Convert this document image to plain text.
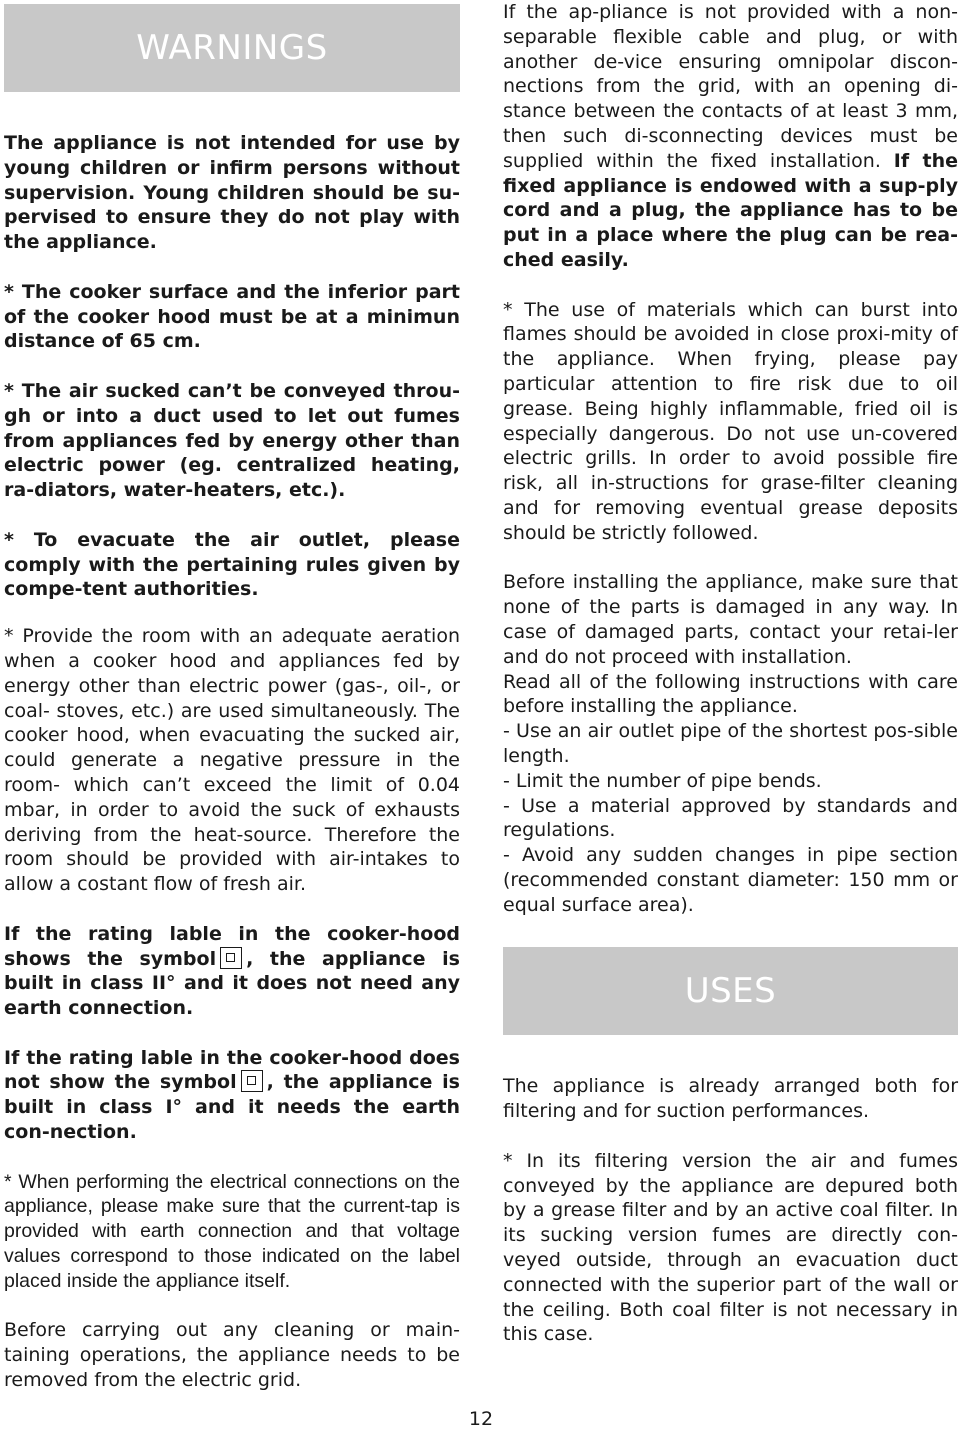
WARNINGS

The appliance is not intended for use by young children or infirm persons without supervision. Young children should be su-pervised to ensure they do not play with the appliance.

* The cooker surface and the inferior part of the cooker hood must be at a minimun distance of 65 cm.

* The air sucked can’t be conveyed throu-gh or into a duct used to let out fumes from appliances fed by energy other than electric power (eg. centralized heating, ra-diators, water-heaters, etc.).

* To evacuate the air outlet, please comply with the pertaining rules given by compe-tent authorities.

* Provide the room with an adequate aeration when a cooker hood and appliances fed by energy other than electric power (gas-, oil-, or coal- stoves, etc.) are used simultaneously. The cooker hood, when evacuating the sucked air, could generate a negative pressure in the room- which can’t exceed the limit of 0.04 mbar, in order to avoid the suck of exhausts deriving from the heat-source. Therefore the room should be provided with air-intakes to allow a costant flow of fresh air.

If the rating lable in the cooker-hood shows the symbol , the appliance is built in class II° and it does not need any earth connection.

If the rating lable in the cooker-hood does not show the symbol , the appliance is built in class I° and it needs the earth con-nection.

* When performing the electrical connections on the appliance, please make sure that the current-tap is provided with earth connection and that voltage values correspond to those indicated on the label placed inside the appliance itself.

Before carrying out any cleaning or main-taining operations, the appliance needs to be removed from the electric grid.

If the ap-pliance is not provided with a non-separable flexible cable and plug, or with another de-vice ensuring omnipolar discon-nections from the grid, with an opening di-stance between the contacts of at least 3 mm, then such di-sconnecting devices must be supplied within the fixed installation. If the fixed appliance is endowed with a sup-ply cord and a plug, the appliance has to be put in a place where the plug can be rea-ched easily.

* The use of materials which can burst into flames should be avoided in close proxi-mity of the appliance. When frying, please pay particular attention to fire risk due to oil grease. Being highly inflammable, fried oil is especially dangerous. Do not use un-covered electric grills. In order to avoid possible fire risk, all in-structions for grase-filter cleaning and for removing eventual grease deposits should be strictly followed.

Before installing the appliance, make sure that none of the parts is damaged in any way. In case of damaged parts, contact your retai-ler and do not proceed with installation.

Read all of the following instructions with care before installing the appliance.

- Use an air outlet pipe of the shortest pos-sible length.

- Limit the number of pipe bends.

- Use a material approved by standards and regulations.

- Avoid any sudden changes in pipe section (recommended constant diameter: 150 mm or equal surface area).

USES

The appliance is already arranged both for filtering and for suction performances.

* In its filtering version the air and fumes conveyed by the appliance are depured both by a grease filter and by an active coal filter. In its sucking version fumes are directly con-veyed outside, through an evacuation duct connected with the superior part of the wall or the ceiling. Both coal filter is not necessary in this case.

12
